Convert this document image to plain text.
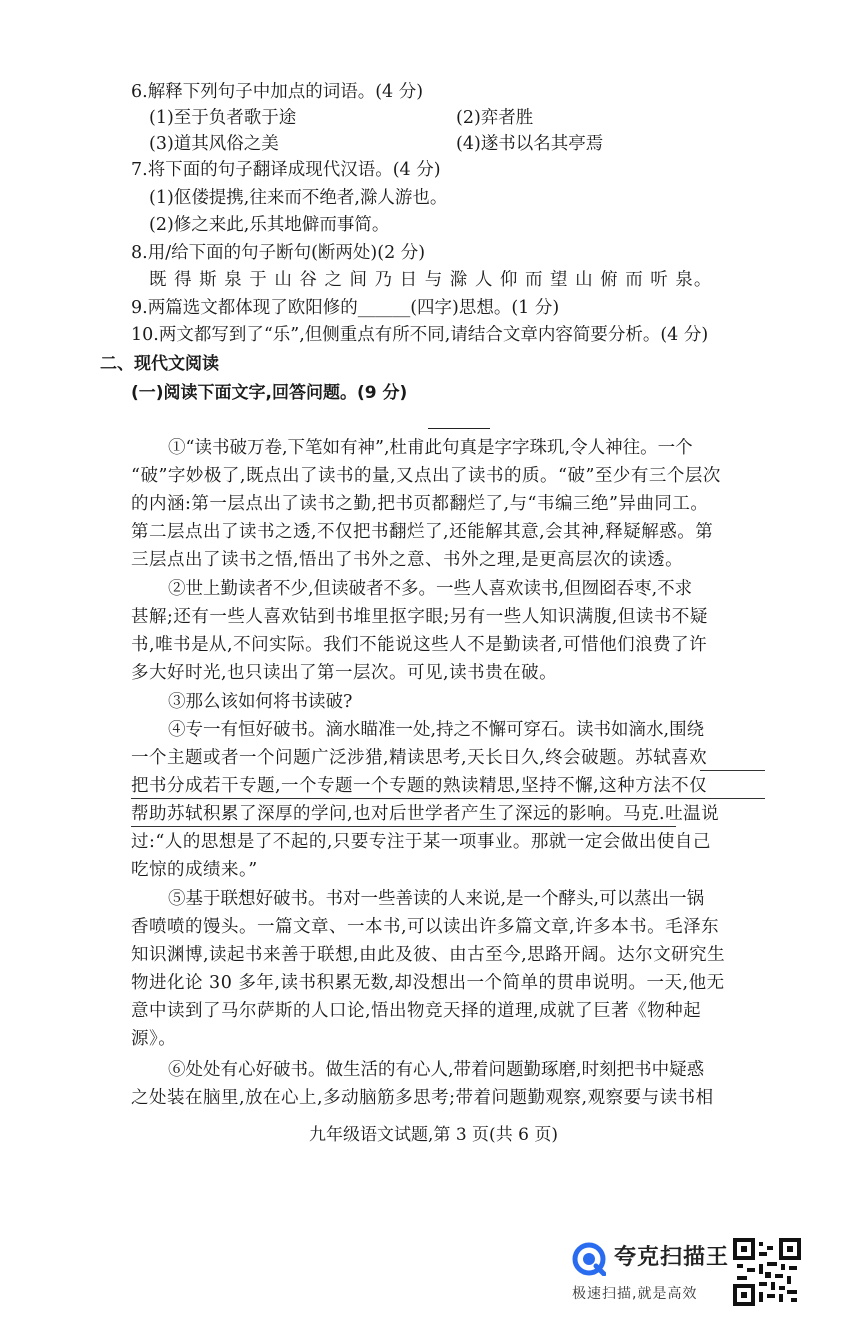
6.解释下列句子中加点的词语。(4 分)
(1)至于负者歌于途	(2)弈者胜
(3)道其风俗之美	(4)遂书以名其亭焉
7.将下面的句子翻译成现代汉语。(4 分)
(1)伛偻提携,往来而不绝者,滁人游也。
(2)修之来此,乐其地僻而事简。
8.用/给下面的句子断句(断两处)(2 分)
既 得 斯 泉 于 山 谷 之 间 乃 日 与 滁 人 仰 而 望 山 俯 而 听 泉。
9.两篇选文都体现了欧阳修的______(四字)思想。(1 分)
10.两文都写到了“乐”,但侧重点有所不同,请结合文章内容简要分析。(4 分)
二、现代文阅读
(一)阅读下面文字,回答问题。(9 分)
①“读书破万卷,下笔如有神”,杜甫此句真是字字珠玑,令人神往。一个
“破”字妙极了,既点出了读书的量,又点出了读书的质。“破”至少有三个层次
的内涵:第一层点出了读书之勤,把书页都翻烂了,与“韦编三绝”异曲同工。
第二层点出了读书之透,不仅把书翻烂了,还能解其意,会其神,释疑解惑。第
三层点出了读书之悟,悟出了书外之意、书外之理,是更高层次的读透。
②世上勤读者不少,但读破者不多。一些人喜欢读书,但囫囵吞枣,不求
甚解;还有一些人喜欢钻到书堆里抠字眼;另有一些人知识满腹,但读书不疑
书,唯书是从,不问实际。我们不能说这些人不是勤读者,可惜他们浪费了许
多大好时光,也只读出了第一层次。可见,读书贵在破。
③那么该如何将书读破?
④专一有恒好破书。滴水瞄准一处,持之不懈可穿石。读书如滴水,围绕
一个主题或者一个问题广泛涉猎,精读思考,天长日久,终会破题。苏轼喜欢
把书分成若干专题,一个专题一个专题的熟读精思,坚持不懈,这种方法不仅
帮助苏轼积累了深厚的学问,也对后世学者产生了深远的影响。马克.吐温说
过:“人的思想是了不起的,只要专注于某一项事业。那就一定会做出使自己
吃惊的成绩来。”
⑤基于联想好破书。书对一些善读的人来说,是一个酵头,可以蒸出一锅
香喷喷的馒头。一篇文章、一本书,可以读出许多篇文章,许多本书。毛泽东
知识渊博,读起书来善于联想,由此及彼、由古至今,思路开阔。达尔文研究生
物进化论 30 多年,读书积累无数,却没想出一个简单的贯串说明。一天,他无
意中读到了马尔萨斯的人口论,悟出物竞天择的道理,成就了巨著《物种起
源》。
⑥处处有心好破书。做生活的有心人,带着问题勤琢磨,时刻把书中疑惑
之处装在脑里,放在心上,多动脑筋多思考;带着问题勤观察,观察要与读书相
九年级语文试题,第 3 页(共 6 页)
夸克扫描王
极速扫描,就是高效
